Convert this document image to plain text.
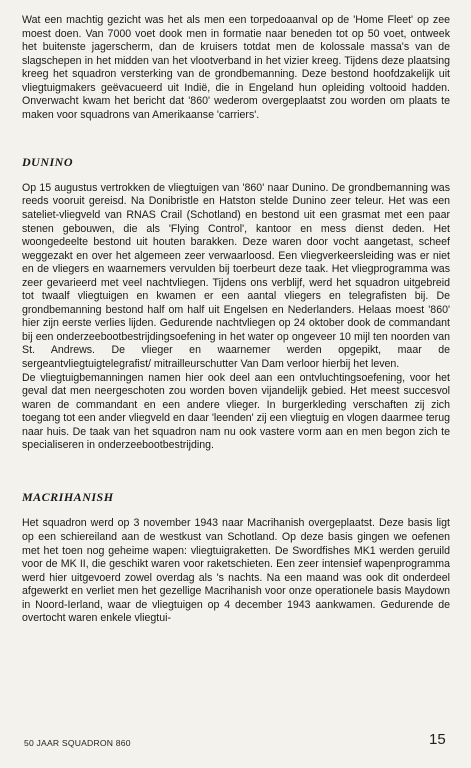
Wat een machtig gezicht was het als men een torpedoaanval op de 'Home Fleet' op zee moest doen. Van 7000 voet dook men in formatie naar beneden tot op 50 voet, ontweek het buitenste jagerscherm, dan de kruisers totdat men de kolossale massa's van de slagschepen in het midden van het vlootverband in het vizier kreeg. Tijdens deze plaatsing kreeg het squadron versterking van de grondbemanning. Deze bestond hoofdzakelijk uit vliegtuigmakers geëvacueerd uit Indië, die in Engeland hun opleiding voltooid hadden. Onverwacht kwam het bericht dat '860' wederom overgeplaatst zou worden om plaats te maken voor squadrons van Amerikaanse 'carriers'.

DUNINO

Op 15 augustus vertrokken de vliegtuigen van '860' naar Dunino. De grondbemanning was reeds vooruit gereisd. Na Donibristle en Hatston stelde Dunino zeer teleur. Het was een sateliet-vliegveld van RNAS Crail (Schotland) en bestond uit een grasmat met een paar stenen gebouwen, die als 'Flying Control', kantoor en mess dienst deden. Het woongedeelte bestond uit houten barakken. Deze waren door vocht aangetast, scheef weggezakt en over het algemeen zeer verwaarloosd. Een vliegverkeersleiding was er niet en de vliegers en waarnemers vervulden bij toerbeurt deze taak. Het vliegprogramma was zeer gevarieerd met veel nachtvliegen. Tijdens ons verblijf, werd het squadron uitgebreid tot twaalf vliegtuigen en kwamen er een aantal vliegers en telegrafisten bij. De grondbemanning bestond half om half uit Engelsen en Nederlanders. Helaas moest '860' hier zijn eerste verlies lijden. Gedurende nachtvliegen op 24 oktober dook de commandant bij een onderzeebootbestrijdingsoefening in het water op ongeveer 10 mijl ten noorden van St. Andrews. De vlieger en waarnemer werden opgepikt, maar de sergeantvliegtuigtelegrafist/ mitrailleurschutter Van Dam verloor hierbij het leven.

De vliegtuigbemanningen namen hier ook deel aan een ontvluchtingsoefening, voor het geval dat men neergeschoten zou worden boven vijandelijk gebied. Het meest succesvol waren de commandant en een andere vlieger. In burgerkleding verschaften zij zich toegang tot een ander vliegveld en daar 'leenden' zij een vliegtuig en vlogen daarmee terug naar huis. De taak van het squadron nam nu ook vastere vorm aan en men begon zich te specialiseren in onderzeebootbestrijding.

MACRIHANISH

Het squadron werd op 3 november 1943 naar Macrihanish overgeplaatst. Deze basis ligt op een schiereiland aan de westkust van Schotland. Op deze basis gingen we oefenen met het toen nog geheime wapen: vliegtuigraketten. De Swordfishes MK1 werden geruild voor de MK II, die geschikt waren voor raketschieten. Een zeer intensief wapenprogramma werd hier uitgevoerd zowel overdag als 's nachts. Na een maand was ook dit onderdeel afgewerkt en verliet men het gezellige Macrihanish voor onze operationele basis Maydown in Noord-Ierland, waar de vliegtuigen op 4 december 1943 aankwamen. Gedurende de overtocht waren enkele vliegtui-

50 JAAR SQUADRON 860	15
